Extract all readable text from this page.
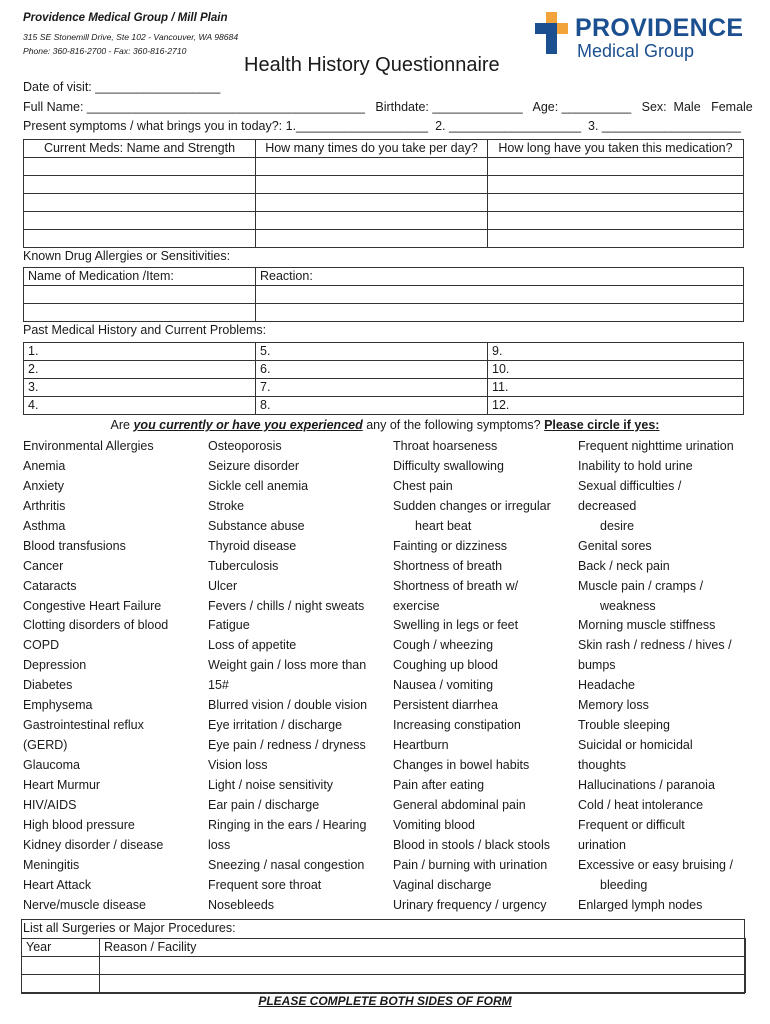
Providence Medical Group / Mill Plain
315 SE Stonemill Drive, Ste 102 - Vancouver, WA 98684
Phone: 360-816-2700 - Fax: 360-816-2710
PROVIDENCE
Medical Group
Health History Questionnaire
Date of visit: __________________
Full Name: ________________________________________   Birthdate: _____________   Age: __________   Sex:  Male   Female
Present symptoms / what brings you in today?: 1.___________________  2. ___________________  3. ____________________
Current Meds: Name and Strength	How many times do you take per day?	How long have you taken this medication?

Known Drug Allergies or Sensitivities:
Name of Medication /Item:	Reaction:

Past Medical History and Current Problems:
1.	5.	9.
2.	6.	10.
3.	7.	11.
4.	8.	12.
Are you currently or have you experienced any of the following symptoms? Please circle if yes:
Environmental Allergies
Anemia
Anxiety
Arthritis
Asthma
Blood transfusions
Cancer
Cataracts
Congestive Heart Failure
Clotting disorders of blood
COPD
Depression
Diabetes
Emphysema
Gastrointestinal reflux
(GERD)
Glaucoma
Heart Murmur
HIV/AIDS
High blood pressure
Kidney disorder / disease
Meningitis
Heart Attack
Nerve/muscle disease
Osteoporosis
Seizure disorder
Sickle cell anemia
Stroke
Substance abuse
Thyroid disease
Tuberculosis
Ulcer
Fevers / chills / night sweats
Fatigue
Loss of appetite
Weight gain / loss more than
15#
Blurred vision / double vision
Eye irritation / discharge
Eye pain / redness / dryness
Vision loss
Light / noise sensitivity
Ear pain / discharge
Ringing in the ears / Hearing
loss
Sneezing / nasal congestion
Frequent sore throat
Nosebleeds
Throat hoarseness
Difficulty swallowing
Chest pain
Sudden changes or irregular
heart beat
Fainting or dizziness
Shortness of breath
Shortness of breath w/
exercise
Swelling in legs or feet
Cough / wheezing
Coughing up blood
Nausea / vomiting
Persistent diarrhea
Increasing constipation
Heartburn
Changes in bowel habits
Pain after eating
General abdominal pain
Vomiting blood
Blood in stools / black stools
Pain / burning with urination
Vaginal discharge
Urinary frequency / urgency
Frequent nighttime urination
Inability to hold urine
Sexual difficulties /
decreased
desire
Genital sores
Back / neck pain
Muscle pain / cramps /
weakness
Morning muscle stiffness
Skin rash / redness / hives /
bumps
Headache
Memory loss
Trouble sleeping
Suicidal or homicidal
thoughts
Hallucinations / paranoia
Cold / heat intolerance
Frequent or difficult
urination
Excessive or easy bruising /
bleeding
Enlarged lymph nodes
List all Surgeries or Major Procedures:
Year	Reason / Facility

PLEASE COMPLETE BOTH SIDES OF FORM
